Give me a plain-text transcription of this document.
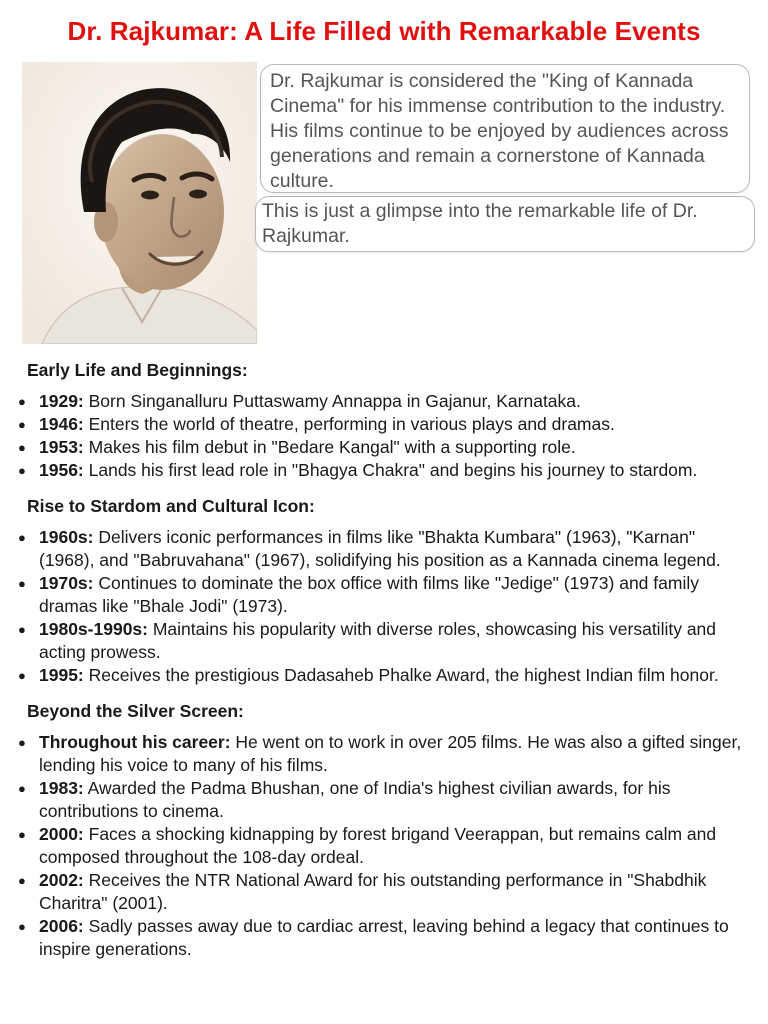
Dr. Rajkumar: A Life Filled with Remarkable Events
Dr. Rajkumar is considered the "King of Kannada Cinema" for his immense contribution to the industry. His films continue to be enjoyed by audiences across generations and remain a cornerstone of Kannada culture.
This is just a glimpse into the remarkable life of Dr. Rajkumar.
Early Life and Beginnings:
● 1929: Born Singanalluru Puttaswamy Annappa in Gajanur, Karnataka.
● 1946: Enters the world of theatre, performing in various plays and dramas.
● 1953: Makes his film debut in "Bedare Kangal" with a supporting role.
● 1956: Lands his first lead role in "Bhagya Chakra" and begins his journey to stardom.
Rise to Stardom and Cultural Icon:
● 1960s: Delivers iconic performances in films like "Bhakta Kumbara" (1963), "Karnan" (1968), and "Babruvahana" (1967), solidifying his position as a Kannada cinema legend.
● 1970s: Continues to dominate the box office with films like "Jedige" (1973) and family dramas like "Bhale Jodi" (1973).
● 1980s-1990s: Maintains his popularity with diverse roles, showcasing his versatility and acting prowess.
● 1995: Receives the prestigious Dadasaheb Phalke Award, the highest Indian film honor.
Beyond the Silver Screen:
● Throughout his career: He went on to work in over 205 films. He was also a gifted singer, lending his voice to many of his films.
● 1983: Awarded the Padma Bhushan, one of India's highest civilian awards, for his contributions to cinema.
● 2000: Faces a shocking kidnapping by forest brigand Veerappan, but remains calm and composed throughout the 108-day ordeal.
● 2002: Receives the NTR National Award for his outstanding performance in "Shabdhik Charitra" (2001).
● 2006: Sadly passes away due to cardiac arrest, leaving behind a legacy that continues to inspire generations.
